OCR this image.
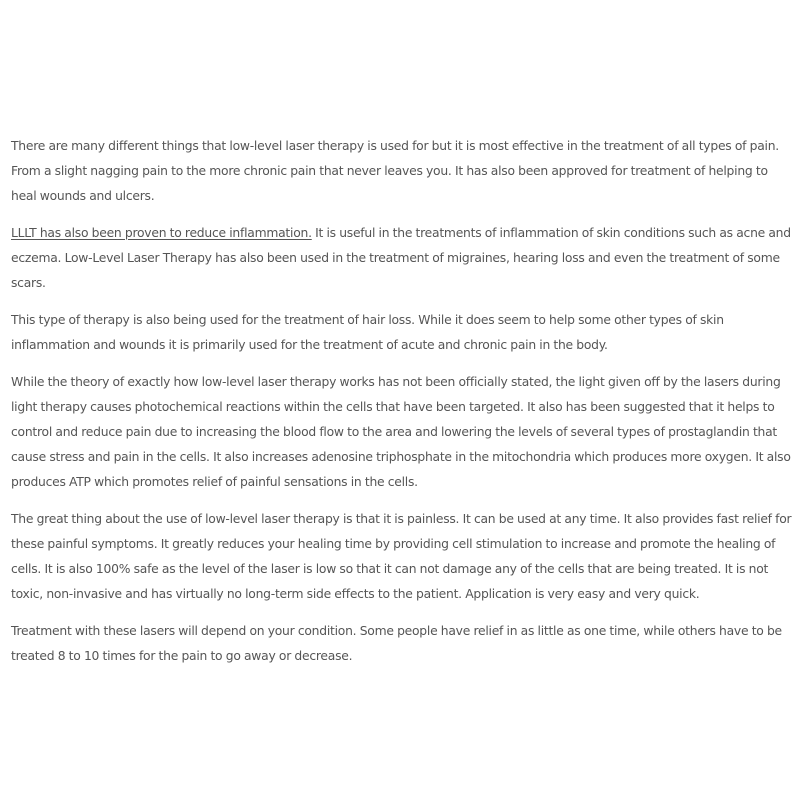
There are many different things that low-level laser therapy is used for but it is most effective in the treatment of all types of pain. From a slight nagging pain to the more chronic pain that never leaves you. It has also been approved for treatment of helping to heal wounds and ulcers.

LLLT has also been proven to reduce inflammation. It is useful in the treatments of inflammation of skin conditions such as acne and eczema. Low-Level Laser Therapy has also been used in the treatment of migraines, hearing loss and even the treatment of some scars.

This type of therapy is also being used for the treatment of hair loss. While it does seem to help some other types of skin inflammation and wounds it is primarily used for the treatment of acute and chronic pain in the body.

While the theory of exactly how low-level laser therapy works has not been officially stated, the light given off by the lasers during light therapy causes photochemical reactions within the cells that have been targeted. It also has been suggested that it helps to control and reduce pain due to increasing the blood flow to the area and lowering the levels of several types of prostaglandin that cause stress and pain in the cells. It also increases adenosine triphosphate in the mitochondria which produces more oxygen. It also produces ATP which promotes relief of painful sensations in the cells.

The great thing about the use of low-level laser therapy is that it is painless. It can be used at any time. It also provides fast relief for these painful symptoms. It greatly reduces your healing time by providing cell stimulation to increase and promote the healing of cells. It is also 100% safe as the level of the laser is low so that it can not damage any of the cells that are being treated. It is not toxic, non-invasive and has virtually no long-term side effects to the patient. Application is very easy and very quick.

Treatment with these lasers will depend on your condition. Some people have relief in as little as one time, while others have to be treated 8 to 10 times for the pain to go away or decrease.
